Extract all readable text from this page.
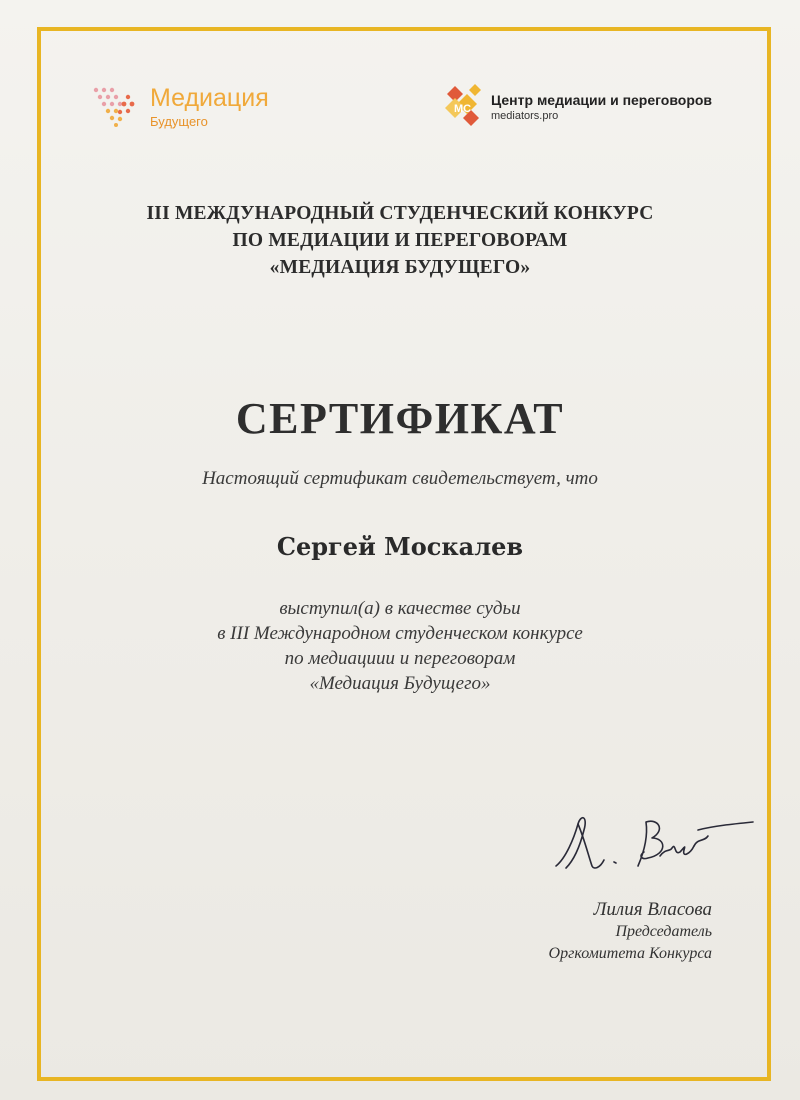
Медиация
Будущего
МС
Центр медиации и переговоров
mediators.pro
III МЕЖДУНАРОДНЫЙ СТУДЕНЧЕСКИЙ КОНКУРС
ПО МЕДИАЦИИ И ПЕРЕГОВОРАМ
«МЕДИАЦИЯ БУДУЩЕГО»
СЕРТИФИКАТ
Настоящий сертификат свидетельствует, что
Сергей Москалев
выступил(а) в качестве судьи
в III Международном студенческом конкурсе
по медиациии и переговорам
«Медиация Будущего»
Лилия Власова
Председатель
Оргкомитета Конкурса
